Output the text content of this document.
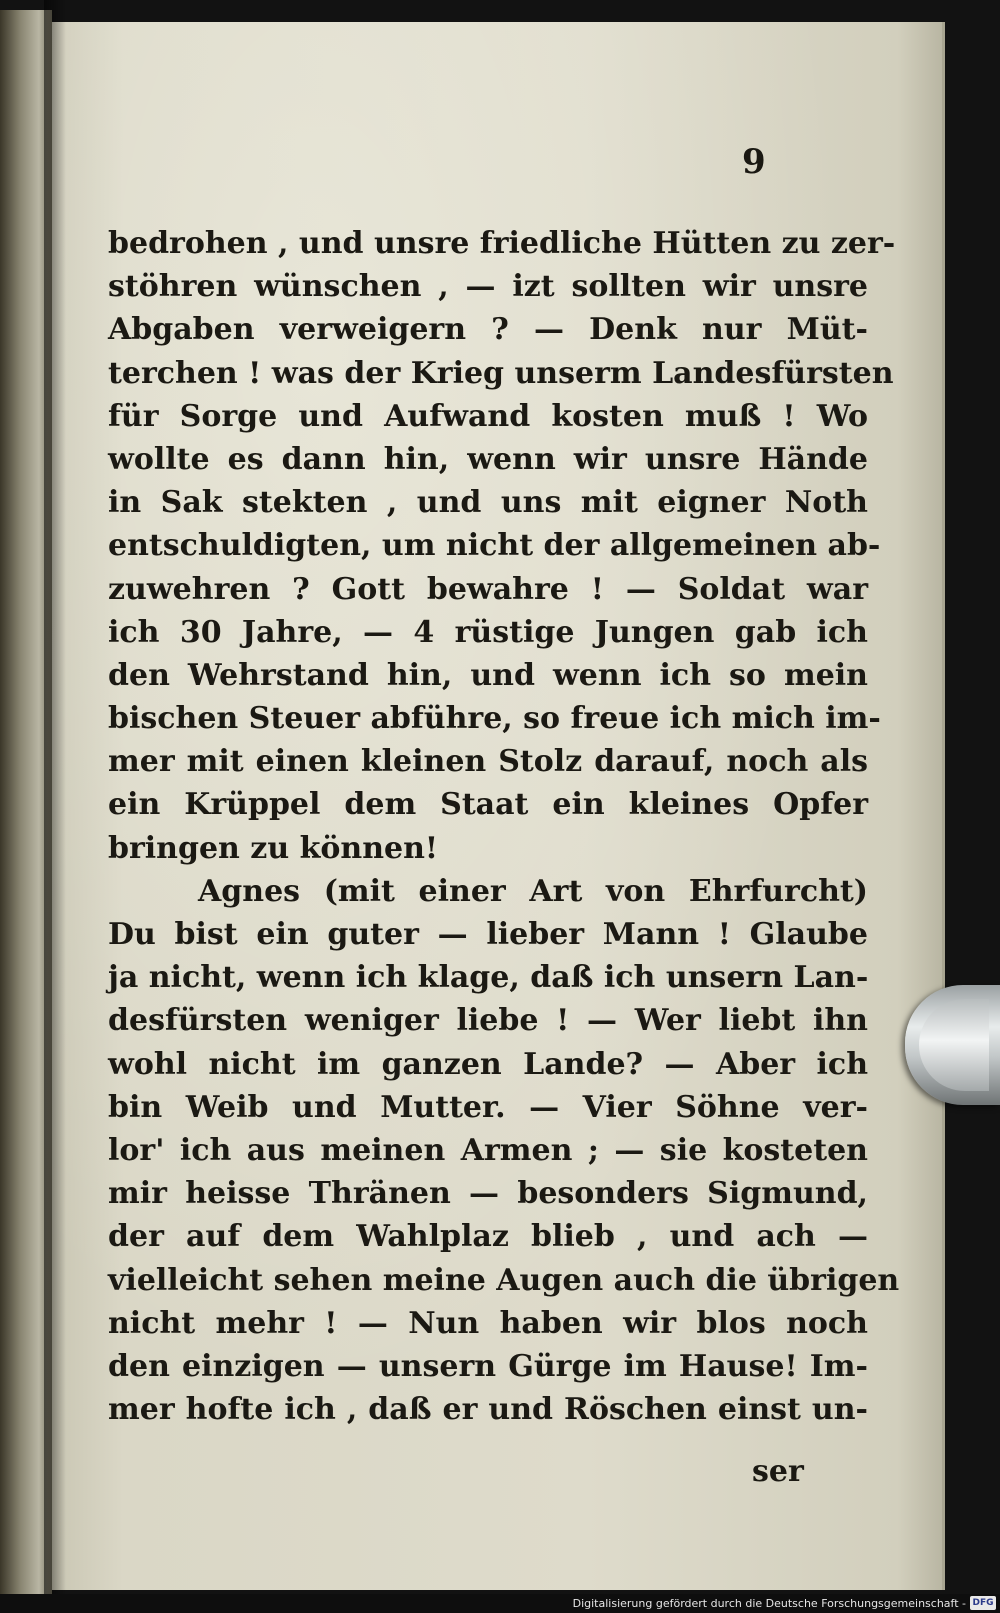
9
bedrohen , und unsre friedliche Hütten zu zer-
stöhren wünschen , — izt sollten wir unsre
Abgaben verweigern ? — Denk nur Müt-
terchen ! was der Krieg unserm Landesfürsten
für Sorge und Aufwand kosten muß ! Wo
wollte es dann hin, wenn wir unsre Hände
in Sak stekten , und uns mit eigner Noth
entschuldigten, um nicht der allgemeinen ab-
zuwehren ? Gott bewahre ! — Soldat war
ich 30 Jahre, — 4 rüstige Jungen gab ich
den Wehrstand hin, und wenn ich so mein
bischen Steuer abführe, so freue ich mich im-
mer mit einen kleinen Stolz darauf, noch als
ein Krüppel dem Staat ein kleines Opfer
bringen zu können!
Agnes (mit einer Art von Ehrfurcht)
Du bist ein guter — lieber Mann ! Glaube
ja nicht, wenn ich klage, daß ich unsern Lan-
desfürsten weniger liebe ! — Wer liebt ihn
wohl nicht im ganzen Lande? — Aber ich
bin Weib und Mutter. — Vier Söhne ver-
lor' ich aus meinen Armen ; — sie kosteten
mir heisse Thränen — besonders Sigmund,
der auf dem Wahlplaz blieb , und ach —
vielleicht sehen meine Augen auch die übrigen
nicht mehr ! — Nun haben wir blos noch
den einzigen — unsern Gürge im Hause! Im-
mer hofte ich , daß er und Röschen einst un-
ser
Digitalisierung gefördert durch die Deutsche Forschungsgemeinschaft - DFG
